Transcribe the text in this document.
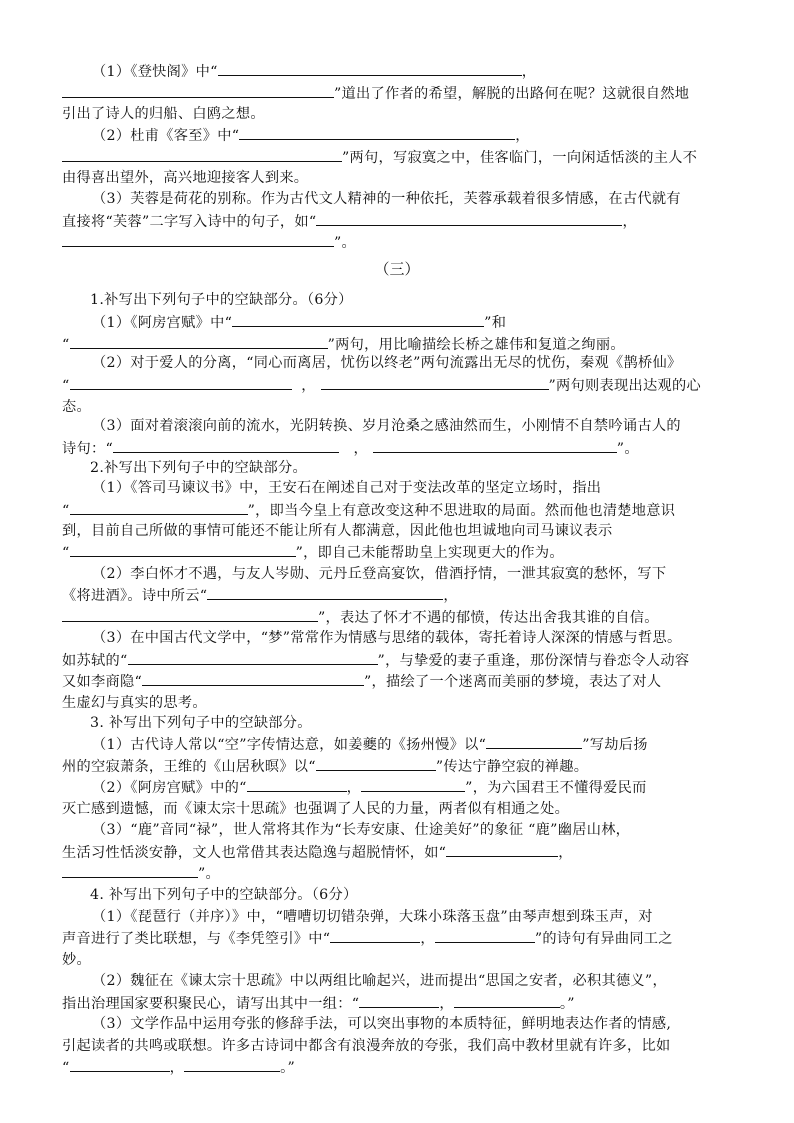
（1）《登快阁》中“	，
”道出了作者的希望，解脱的出路何在呢？这就很自然地
引出了诗人的归船、白鸥之想。
（2）杜甫《客至》中“	，
”两句，写寂寞之中，佳客临门，一向闲适恬淡的主人不
由得喜出望外，高兴地迎接客人到来。
（3）芙蓉是荷花的别称。作为古代文人精神的一种依托，芙蓉承载着很多情感，在古代就有
直接将“芙蓉”二字写入诗中的句子，如“	，
”。
（三）
1.补写出下列句子中的空缺部分。（6分）
（1）《阿房宫赋》中“	”和
“	”两句，用比喻描绘长桥之雄伟和复道之绚丽。
（2）对于爱人的分离，“同心而离居，忧伤以终老”两句流露出无尽的忧伤，秦观《鹊桥仙》
“	，	”两句则表现出达观的心
态。
（3）面对着滚滚向前的流水，光阴转换、岁月沧桑之感油然而生，小刚情不自禁吟诵古人的
诗句：“	，	”。
2.补写出下列句子中的空缺部分。
（1）《答司马谏议书》中，王安石在阐述自己对于变法改革的坚定立场时，指出
“	”，即当今皇上有意改变这种不思进取的局面。然而他也清楚地意识
到，目前自己所做的事情可能还不能让所有人都满意，因此他也坦诚地向司马谏议表示
“	”，即自己未能帮助皇上实现更大的作为。
（2）李白怀才不遇，与友人岑勋、元丹丘登高宴饮，借酒抒情，一泄其寂寞的愁怀，写下
《将进酒》。诗中所云“	，
”，表达了怀才不遇的郁愤，传达出舍我其谁的自信。
（3）在中国古代文学中，“梦”常常作为情感与思绪的载体，寄托着诗人深深的情感与哲思。
如苏轼的“	”，与挚爱的妻子重逢，那份深情与眷恋令人动容
又如李商隐“	”，描绘了一个迷离而美丽的梦境，表达了对人
生虚幻与真实的思考。
3. 补写出下列句子中的空缺部分。
（1）古代诗人常以“空”字传情达意，如姜夔的《扬州慢》以“	”写劫后扬
州的空寂萧条，王维的《山居秋暝》以“	”传达宁静空寂的禅趣。
（2）《阿房宫赋》中的“	，	”，为六国君王不懂得爱民而
灭亡感到遗憾，而《谏太宗十思疏》也强调了人民的力量，两者似有相通之处。
（3）“鹿”音同“禄”，世人常将其作为“长寿安康、仕途美好”的象征 “鹿”幽居山林，
生活习性恬淡安静，文人也常借其表达隐逸与超脱情怀，如“	，
”。
4. 补写出下列句子中的空缺部分。（6分）
（1）《琵琶行（并序）》中，“嘈嘈切切错杂弹，大珠小珠落玉盘”由琴声想到珠玉声，对
声音进行了类比联想，与《李凭箜引》中“	，	”的诗句有异曲同工之
妙。
（2）魏征在《谏太宗十思疏》中以两组比喻起兴，进而提出“思国之安者，必积其德义”，
指出治理国家要积聚民心，请写出其中一组：“	，	。”
（3）文学作品中运用夸张的修辞手法，可以突出事物的本质特征，鲜明地表达作者的情感,
引起读者的共鸣或联想。许多古诗词中都含有浪漫奔放的夸张，我们高中教材里就有许多，比如
“	，	。”
